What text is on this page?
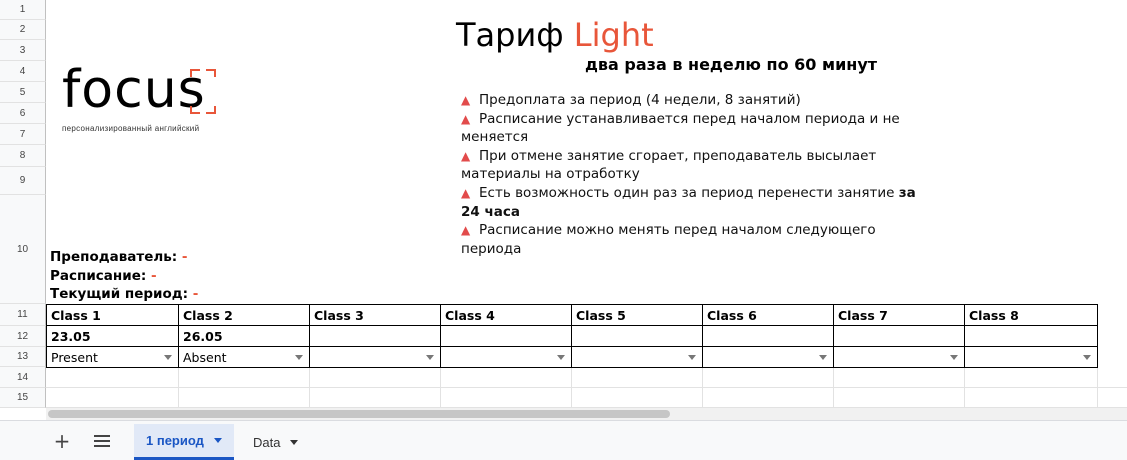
1
2
3
4
5
6
7
8
9
10
11
12
13
14
15
focus
персонализированный английский
Тариф Light
два раза в неделю по 60 минут
▲ Предоплата за период (4 недели, 8 занятий)
▲ Расписание устанавливается перед началом периода и не меняется
▲ При отмене занятие сгорает, преподаватель высылает материалы на отработку
▲ Есть возможность один раз за период перенести занятие за 24 часа
▲ Расписание можно менять перед началом следующего периода
Преподаватель: -
Расписание: -
Текущий период: -
Class 1	Class 2	Class 3	Class 4	Class 5	Class 6	Class 7	Class 8
23.05	26.05						
Present	Absent

+	1 период	Data
